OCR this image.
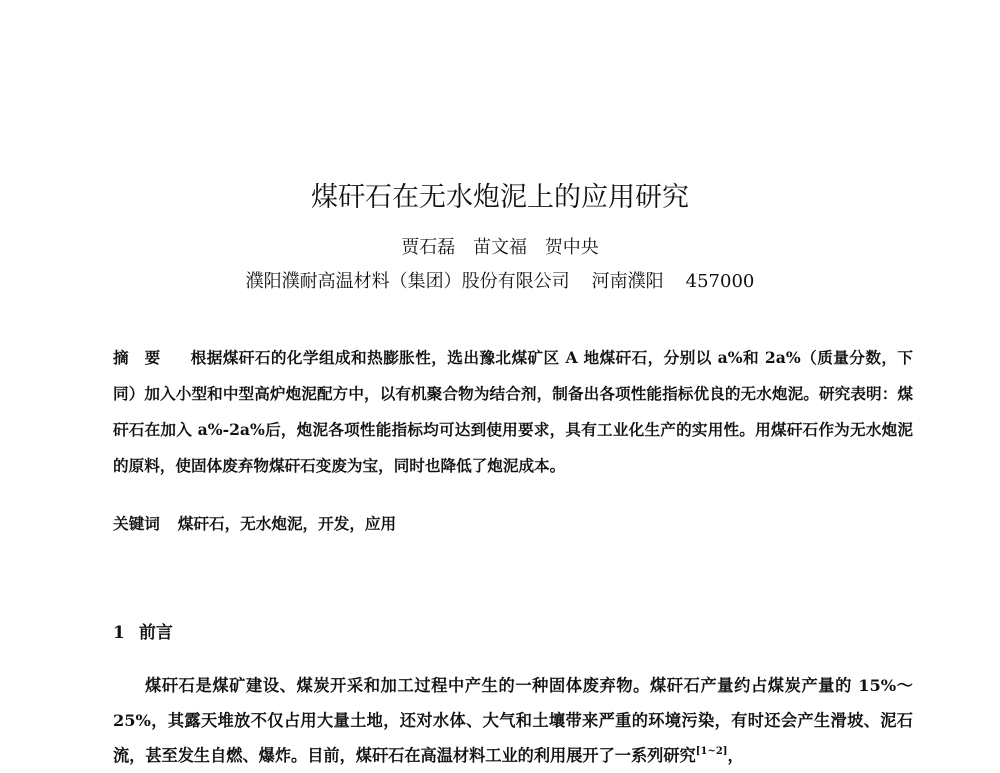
煤矸石在无水炮泥上的应用研究
贾石磊 苗文福 贺中央
濮阳濮耐高温材料（集团）股份有限公司 河南濮阳 457000
摘要 根据煤矸石的化学组成和热膨胀性，选出豫北煤矿区 A 地煤矸石，分别以 a%和 2a%（质量分数，下同）加入小型和中型高炉炮泥配方中，以有机聚合物为结合剂，制备出各项性能指标优良的无水炮泥。研究表明：煤矸石在加入 a%-2a%后，炮泥各项性能指标均可达到使用要求，具有工业化生产的实用性。用煤矸石作为无水炮泥的原料，使固体废弃物煤矸石变废为宝，同时也降低了炮泥成本。
关键词 煤矸石，无水炮泥，开发，应用
1 前言

煤矸石是煤矿建设、煤炭开采和加工过程中产生的一种固体废弃物。煤矸石产量约占煤炭产量的 15%～25%，其露天堆放不仅占用大量土地，还对水体、大气和土壤带来严重的环境污染，有时还会产生滑坡、泥石流，甚至发生自燃、爆炸。目前，煤矸石在高温材料工业的利用展开了一系列研究[1~2]，
